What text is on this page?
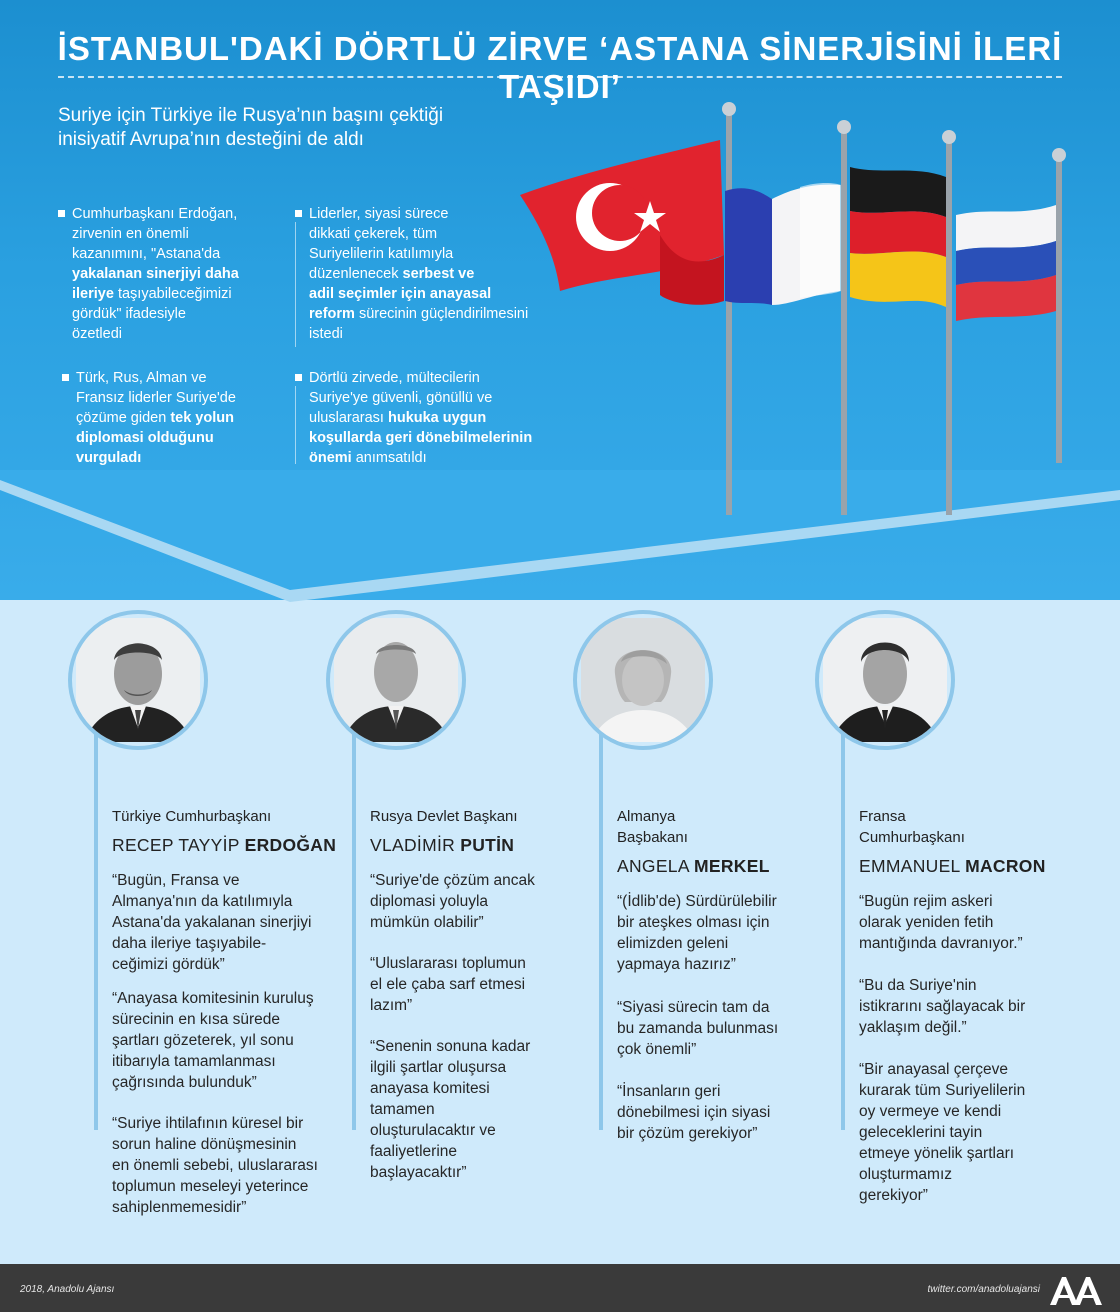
İSTANBUL'DAKİ DÖRTLÜ ZİRVE ‘ASTANA SİNERJİSİNİ İLERİ TAŞIDI’
Suriye için Türkiye ile Rusya’nın başını çektiği
inisiyatif Avrupa’nın desteğini de aldı
Cumhurbaşkanı Erdoğan,
zirvenin en önemli
kazanımını, "Astana'da
yakalanan sinerjiyi daha
ileriye taşıyabileceğimizi
gördük" ifadesiyle
özetledi
Liderler, siyasi sürece
dikkati çekerek, tüm
Suriyelilerin katılımıyla
düzenlenecek serbest ve
adil seçimler için anayasal
reform sürecinin güçlendirilmesini
istedi
Türk, Rus, Alman ve
Fransız liderler Suriye'de
çözüme giden tek yolun
diplomasi olduğunu
vurguladı
Dörtlü zirvede, mültecilerin
Suriye'ye güvenli, gönüllü ve
uluslararası hukuka uygun
koşullarda geri dönebilmelerinin
önemi anımsatıldı
Türkiye Cumhurbaşkanı
RECEP TAYYİP ERDOĞAN
“Bugün, Fransa ve
Almanya'nın da katılımıyla
Astana'da yakalanan sinerjiyi
daha ileriye taşıyabile-
ceğimizi gördük”
“Anayasa komitesinin kuruluş
sürecinin en kısa sürede
şartları gözeterek, yıl sonu
itibarıyla tamamlanması
çağrısında bulunduk”
“Suriye ihtilafının küresel bir
sorun haline dönüşmesinin
en önemli sebebi, uluslararası
toplumun meseleyi yeterince
sahiplenmemesidir”
Rusya Devlet Başkanı
VLADİMİR PUTİN
“Suriye'de çözüm ancak
diplomasi yoluyla
mümkün olabilir”
“Uluslararası toplumun
el ele çaba sarf etmesi
lazım”
“Senenin sonuna kadar
ilgili şartlar oluşursa
anayasa komitesi
tamamen
oluşturulacaktır ve
faaliyetlerine
başlayacaktır”
Almanya
Başbakanı
ANGELA MERKEL
“(İdlib'de) Sürdürülebilir
bir ateşkes olması için
elimizden geleni
yapmaya hazırız”
“Siyasi sürecin tam da
bu zamanda bulunması
çok önemli”
“İnsanların geri
dönebilmesi için siyasi
bir çözüm gerekiyor”
Fransa
Cumhurbaşkanı
EMMANUEL MACRON
“Bugün rejim askeri
olarak yeniden fetih
mantığında davranıyor.”
“Bu da Suriye'nin
istikrarını sağlayacak bir
yaklaşım değil.”
“Bir anayasal çerçeve
kurarak tüm Suriyelilerin
oy vermeye ve kendi
geleceklerini tayin
etmeye yönelik şartları
oluşturmamız
gerekiyor”
2018, Anadolu Ajansı	twitter.com/anadoluajansi
